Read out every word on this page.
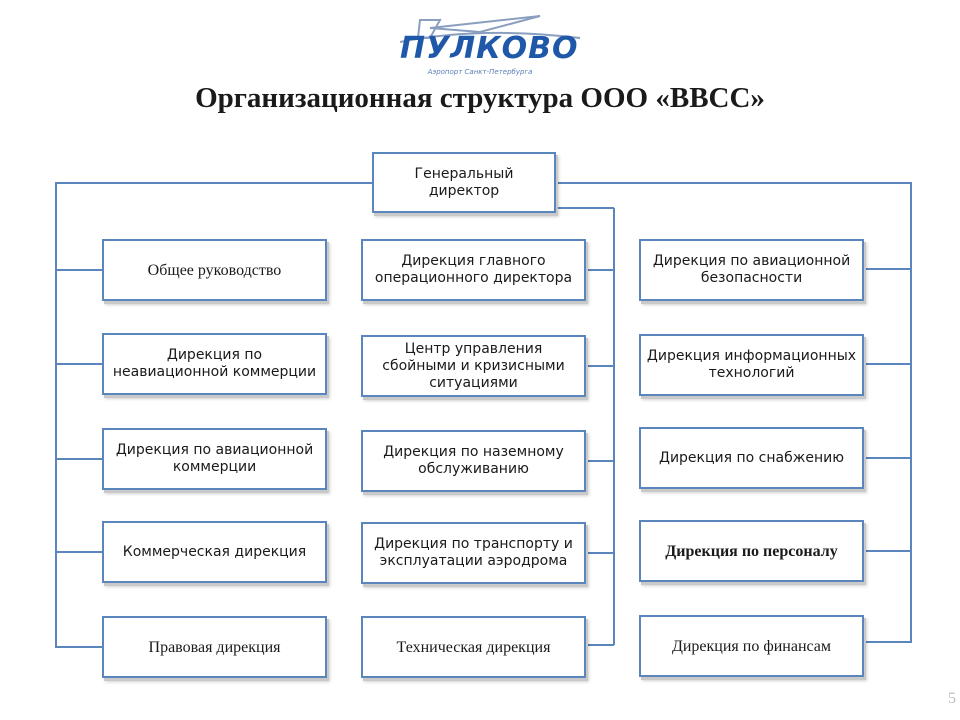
ПУЛКОВО
Аэропорт Санкт-Петербурга
Организационная структура ООО «ВВСС»
Генеральный директор
Общее руководство
Дирекция по неавиационной коммерции
Дирекция по авиационной коммерции
Коммерческая дирекция
Правовая дирекция
Дирекция главного операционного директора
Центр управления сбойными и кризисными ситуациями
Дирекция по наземному обслуживанию
Дирекция по транспорту и эксплуатации аэродрома
Техническая дирекция
Дирекция по авиационной безопасности
Дирекция информационных технологий
Дирекция по снабжению
Дирекция по персоналу
Дирекция по финансам
5
